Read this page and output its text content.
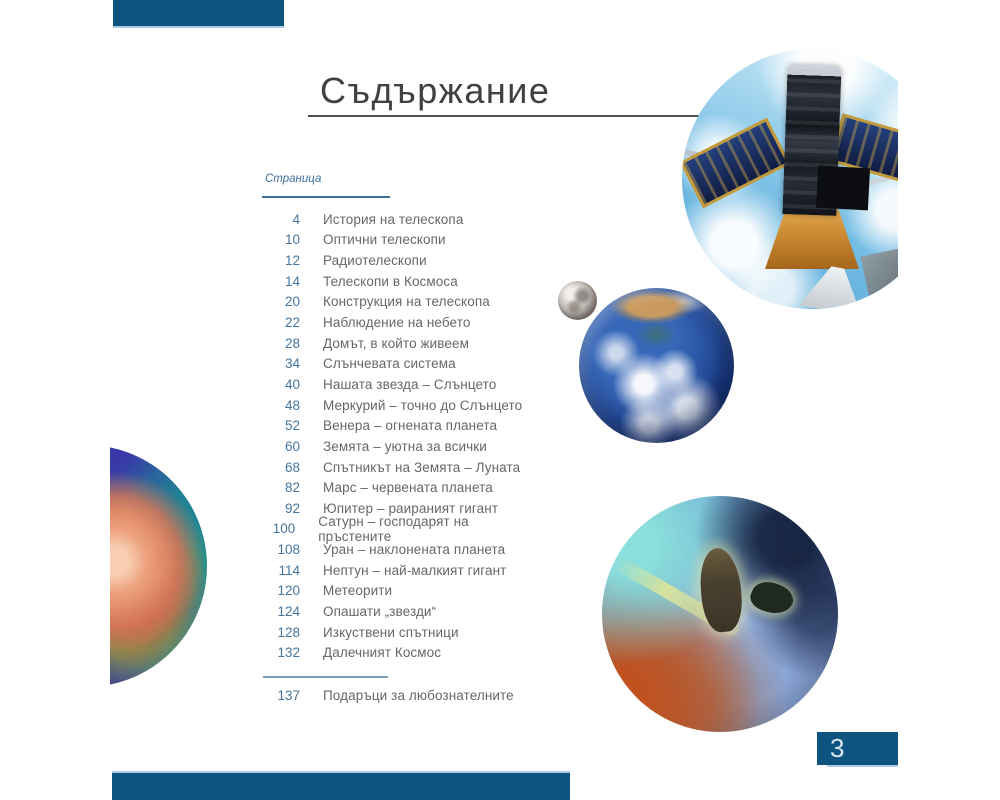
Съдържание
Страница
4 История на телескопа
10 Оптични телескопи
12 Радиотелескопи
14 Телескопи в Космоса
20 Конструкция на телескопа
22 Наблюдение на небето
28 Домът, в който живеем
34 Слънчевата система
40 Нашата звезда – Слънцето
48 Меркурий – точно до Слънцето
52 Венера – огнената планета
60 Земята – уютна за всички
68 Спътникът на Земята – Луната
82 Марс – червената планета
92 Юпитер – раираният гигант
100 Сатурн – господарят на пръстените
108 Уран – наклонената планета
114 Нептун – най-малкият гигант
120 Метеорити
124 Опашати „звезди“
128 Изкуствени спътници
132 Далечният Космос
137 Подаръци за любознателните
3
